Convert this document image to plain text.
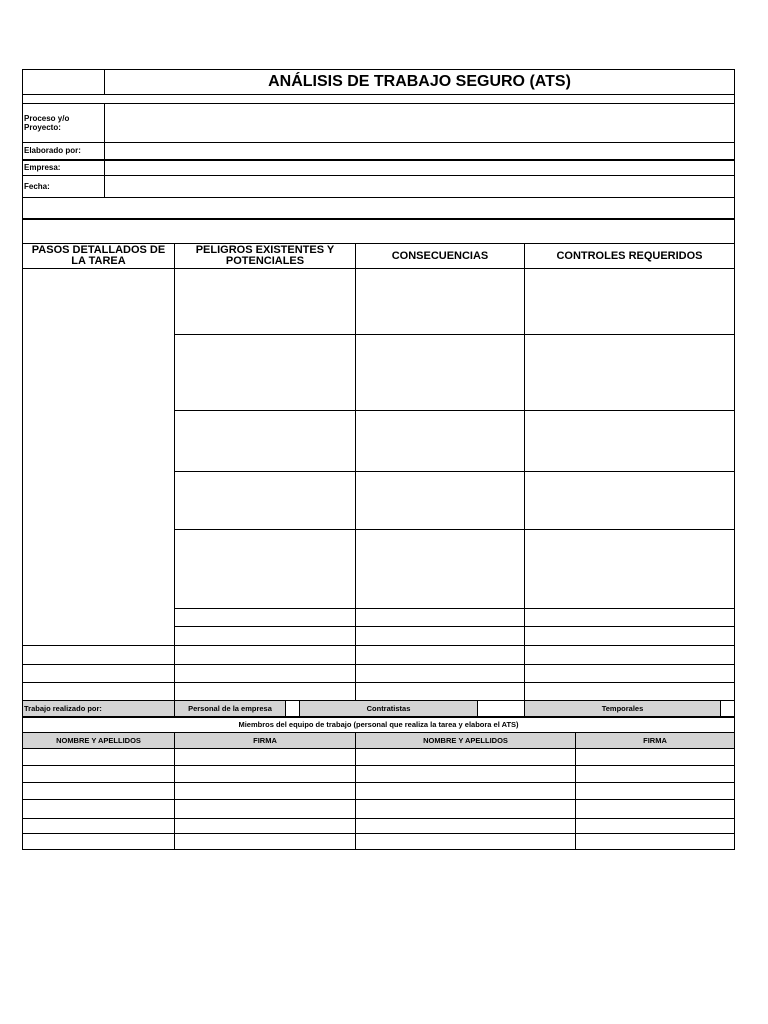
	ANÁLISIS DE TRABAJO SEGURO (ATS)

Proceso y/o Proyecto:	
Elaborado por:	
Empresa:	
Fecha:	

PASOS DETALLADOS DE LA TAREA	PELIGROS EXISTENTES Y POTENCIALES	CONSECUENCIAS	CONTROLES REQUERIDOS

Trabajo realizado por:	Personal de la empresa		Contratistas		Temporales	
Miembros del equipo de trabajo (personal que realiza la tarea y elabora el ATS)			
NOMBRE Y APELLIDOS	FIRMA	NOMBRE Y APELLIDOS	FIRMA
